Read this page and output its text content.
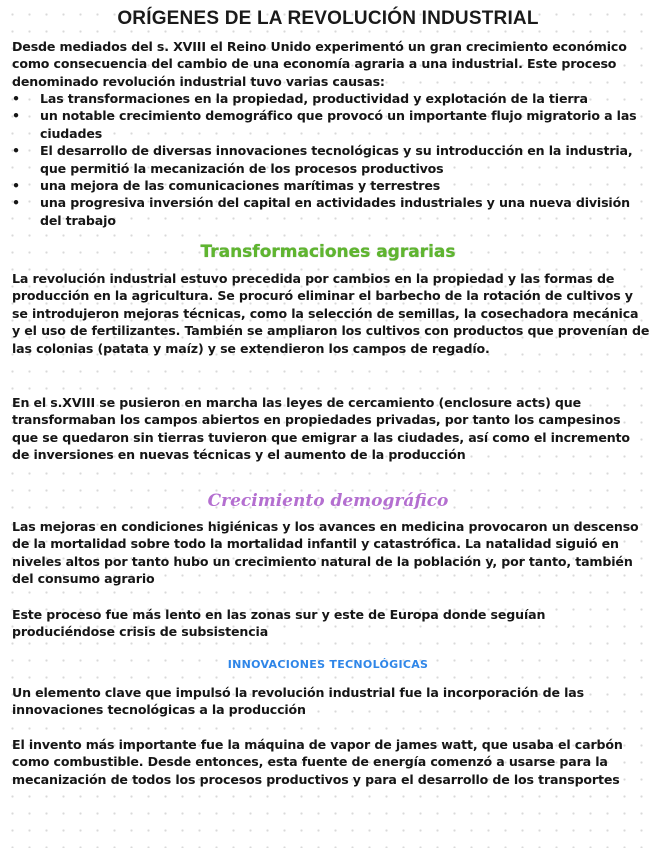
ORÍGENES DE LA REVOLUCIÓN INDUSTRIAL

Desde mediados del s. XVIII el Reino Unido experimentó un gran crecimiento económico como consecuencia del cambio de una economía agraria a una industrial. Este proceso denominado revolución industrial tuvo varias causas:

• Las transformaciones en la propiedad, productividad y explotación de la tierra
• un notable crecimiento demográfico que provocó un importante flujo migratorio a las ciudades
• El desarrollo de diversas innovaciones tecnológicas y su introducción en la industria, que permitió la mecanización de los procesos productivos
• una mejora de las comunicaciones marítimas y terrestres
• una progresiva inversión del capital en actividades industriales y una nueva división del trabajo
Transformaciones agrarias

La revolución industrial estuvo precedida por cambios en la propiedad y las formas de producción en la agricultura. Se procuró eliminar el barbecho de la rotación de cultivos y se introdujeron mejoras técnicas, como la selección de semillas, la cosechadora mecánica y el uso de fertilizantes. También se ampliaron los cultivos con productos que provenían de las colonias (patata y maíz) y se extendieron los campos de regadío.

En el s.XVIII se pusieron en marcha las leyes de cercamiento (enclosure acts) que transformaban los campos abiertos en propiedades privadas, por tanto los campesinos que se quedaron sin tierras tuvieron que emigrar a las ciudades, así como el incremento de inversiones en nuevas técnicas y el aumento de la producción

Crecimiento demográfico

Las mejoras en condiciones higiénicas y los avances en medicina provocaron un descenso de la mortalidad sobre todo la mortalidad infantil y catastrófica. La natalidad siguió en niveles altos por tanto hubo un crecimiento natural de la población y, por tanto, también del consumo agrario

Este proceso fue más lento en las zonas sur y este de Europa donde seguían produciéndose crisis de subsistencia

INNOVACIONES TECNOLÓGICAS

Un elemento clave que impulsó la revolución industrial fue la incorporación de las innovaciones tecnológicas a la producción

El invento más importante fue la máquina de vapor de james watt, que usaba el carbón como combustible. Desde entonces, esta fuente de energía comenzó a usarse para la mecanización de todos los procesos productivos y para el desarrollo de los transportes
